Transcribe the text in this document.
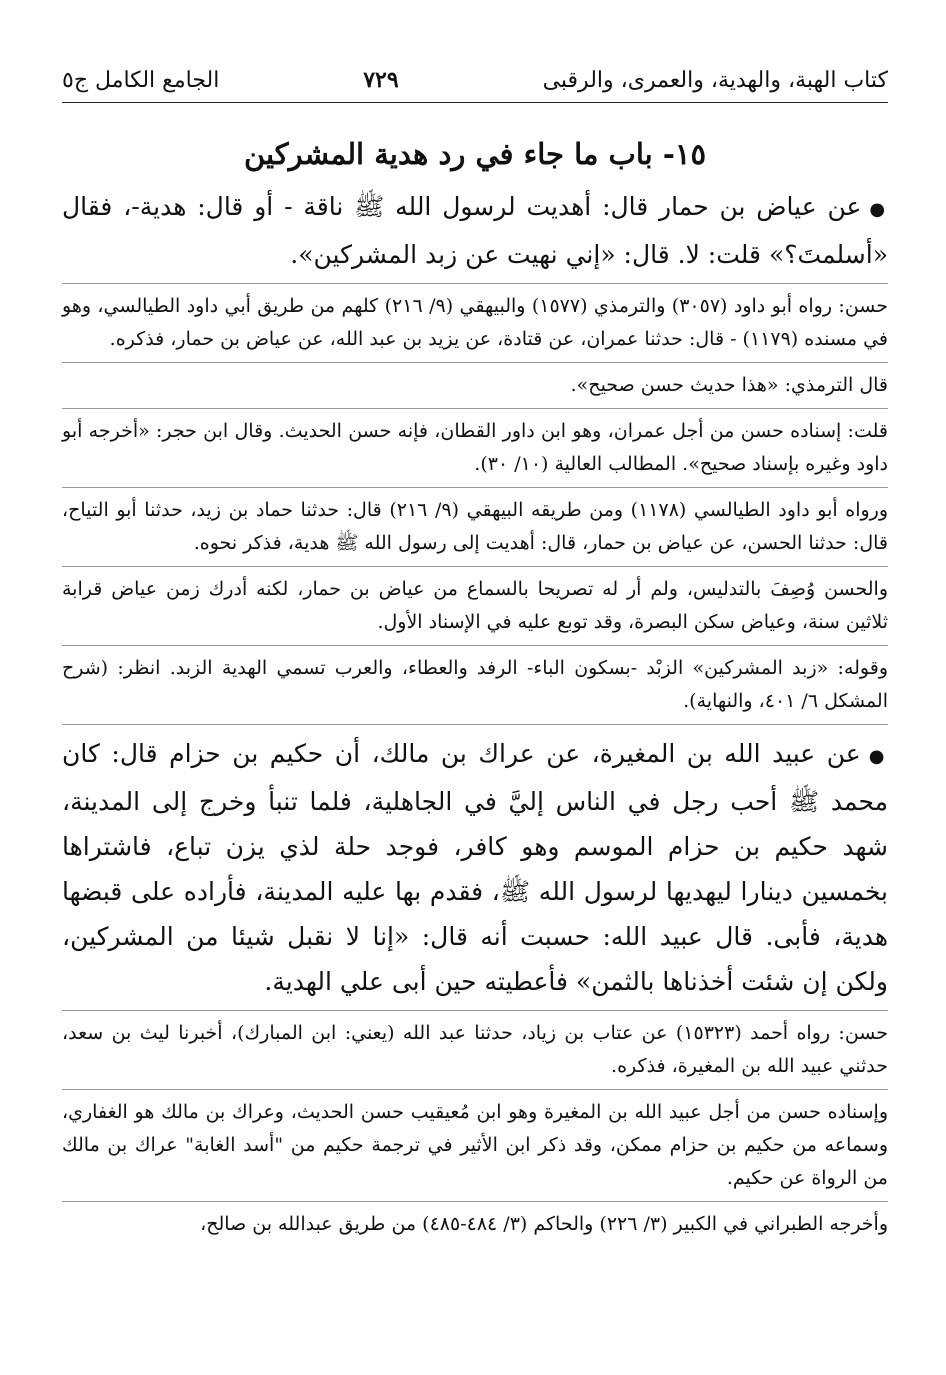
كتاب الهبة، والهدية، والعمرى، والرقبى
٧٢٩
الجامع الكامل ج٥
١٥- باب ما جاء في رد هدية المشركين

●عن عياض بن حمار قال: أهديت لرسول الله ﷺ ناقة - أو قال: هدية-، فقال «أسلمتَ؟» قلت: لا. قال: «إني نهيت عن زبد المشركين».

حسن: رواه أبو داود (٣٠٥٧) والترمذي (١٥٧٧) والبيهقي (٩/ ٢١٦) كلهم من طريق أبي داود الطيالسي، وهو في مسنده (١١٧٩) - قال: حدثنا عمران، عن قتادة، عن يزيد بن عبد الله، عن عياض بن حمار، فذكره.

قال الترمذي: «هذا حديث حسن صحيح».

قلت: إسناده حسن من أجل عمران، وهو ابن داور القطان، فإنه حسن الحديث. وقال ابن حجر: «أخرجه أبو داود وغيره بإسناد صحيح». المطالب العالية (١٠/ ٣٠).

ورواه أبو داود الطيالسي (١١٧٨) ومن طريقه البيهقي (٩/ ٢١٦) قال: حدثنا حماد بن زيد، حدثنا أبو التياح، قال: حدثنا الحسن، عن عياض بن حمار، قال: أهديت إلى رسول الله ﷺ هدية، فذكر نحوه.

والحسن وُصِفَ بالتدليس، ولم أر له تصريحا بالسماع من عياض بن حمار، لكنه أدرك زمن عياض قرابة ثلاثين سنة، وعياض سكن البصرة، وقد توبع عليه في الإسناد الأول.

وقوله: «زبد المشركين» الزبْد -بسكون الباء- الرفد والعطاء، والعرب تسمي الهدية الزبد. انظر: (شرح المشكل ٦/ ٤٠١، والنهاية).

●عن عبيد الله بن المغيرة، عن عراك بن مالك، أن حكيم بن حزام قال: كان محمد ﷺ أحب رجل في الناس إليَّ في الجاهلية، فلما تنبأ وخرج إلى المدينة، شهد حكيم بن حزام الموسم وهو كافر، فوجد حلة لذي يزن تباع، فاشتراها بخمسين دينارا ليهديها لرسول الله ﷺ، فقدم بها عليه المدينة، فأراده على قبضها هدية، فأبى. قال عبيد الله: حسبت أنه قال: «إنا لا نقبل شيئا من المشركين، ولكن إن شئت أخذناها بالثمن» فأعطيته حين أبى علي الهدية.

حسن: رواه أحمد (١٥٣٢٣) عن عتاب بن زياد، حدثنا عبد الله (يعني: ابن المبارك)، أخبرنا ليث بن سعد، حدثني عبيد الله بن المغيرة، فذكره.

وإسناده حسن من أجل عبيد الله بن المغيرة وهو ابن مُعيقيب حسن الحديث، وعراك بن مالك هو الغفاري، وسماعه من حكيم بن حزام ممكن، وقد ذكر ابن الأثير في ترجمة حكيم من "أسد الغابة" عراك بن مالك من الرواة عن حكيم.

وأخرجه الطبراني في الكبير (٣/ ٢٢٦) والحاكم (٣/ ٤٨٤-٤٨٥) من طريق عبدالله بن صالح،
